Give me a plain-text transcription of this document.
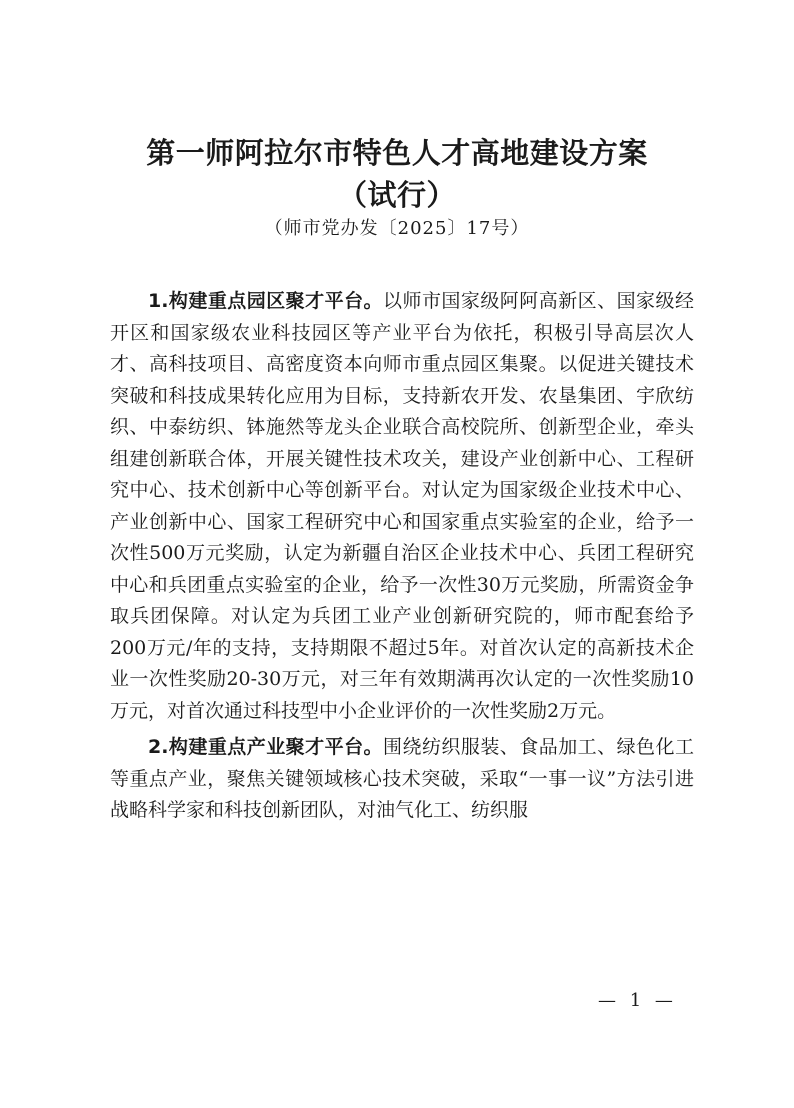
第一师阿拉尔市特色人才高地建设方案
（试行）
（师市党办发〔2025〕17号）

1.构建重点园区聚才平台。以师市国家级阿阿高新区、国家级经开区和国家级农业科技园区等产业平台为依托，积极引导高层次人才、高科技项目、高密度资本向师市重点园区集聚。以促进关键技术突破和科技成果转化应用为目标，支持新农开发、农垦集团、宇欣纺织、中泰纺织、钵施然等龙头企业联合高校院所、创新型企业，牵头组建创新联合体，开展关键性技术攻关，建设产业创新中心、工程研究中心、技术创新中心等创新平台。对认定为国家级企业技术中心、产业创新中心、国家工程研究中心和国家重点实验室的企业，给予一次性500万元奖励，认定为新疆自治区企业技术中心、兵团工程研究中心和兵团重点实验室的企业，给予一次性30万元奖励，所需资金争取兵团保障。对认定为兵团工业产业创新研究院的，师市配套给予200万元/年的支持，支持期限不超过5年。对首次认定的高新技术企业一次性奖励20-30万元，对三年有效期满再次认定的一次性奖励10万元，对首次通过科技型中小企业评价的一次性奖励2万元。

2.构建重点产业聚才平台。围绕纺织服装、食品加工、绿色化工等重点产业，聚焦关键领域核心技术突破，采取“一事一议”方法引进战略科学家和科技创新团队，对油气化工、纺织服

— 1 —
